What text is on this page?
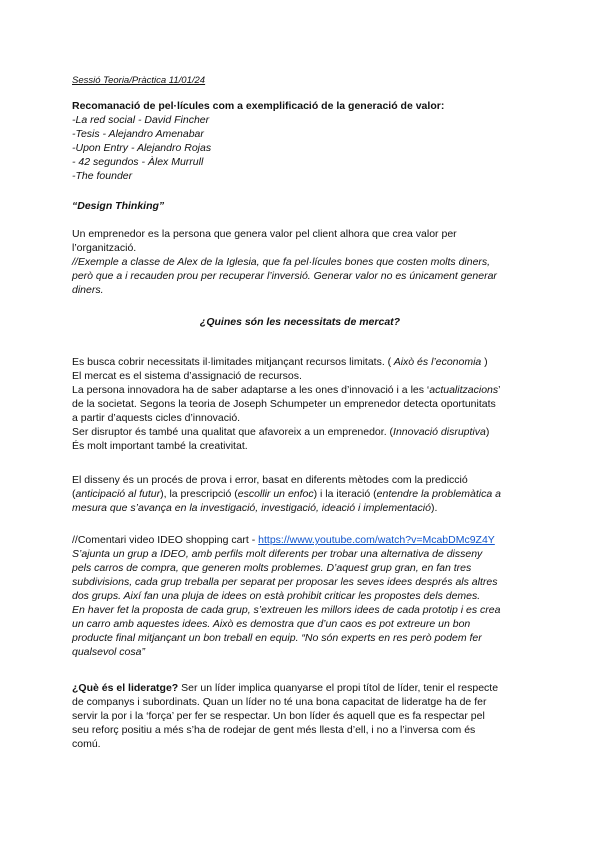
Sessió Teoria/Pràctica 11/01/24
Recomanació de pel·lícules com a exemplificació de la generació de valor:
-La red social - David Fincher
-Tesis - Alejandro Amenabar
-Upon Entry - Alejandro Rojas
- 42 segundos - Àlex Murrull
-The founder
“Design Thinking”
Un emprenedor es la persona que genera valor pel client alhora que crea valor per
l’organització.
//Exemple a classe de Alex de la Iglesia, que fa pel·lícules bones que costen molts diners,
però que a i recauden prou per recuperar l’inversió. Generar valor no es únicament generar
diners.
¿Quines són les necessitats de mercat?
Es busca cobrir necessitats il·limitades mitjançant recursos limitats. ( Això és l’economia )
El mercat es el sistema d’assignació de recursos.
La persona innovadora ha de saber adaptarse a les ones d’innovació i a les ‘actualitzacions’
de la societat. Segons la teoria de Joseph Schumpeter un emprenedor detecta oportunitats
a partir d’aquests cicles d’innovació.
Ser disruptor és també una qualitat que afavoreix a un emprenedor. (Innovació disruptiva)
És molt important també la creativitat.
El disseny és un procés de prova i error, basat en diferents mètodes com la predicció
(anticipació al futur), la prescripció (escollir un enfoc) i la iteració (entendre la problemàtica a
mesura que s’avança en la investigació, investigació, ideació i implementació).
//Comentari video IDEO shopping cart - https://www.youtube.com/watch?v=McabDMc9Z4Y
S’ajunta un grup a IDEO, amb perfils molt diferents per trobar una alternativa de disseny
pels carros de compra, que generen molts problemes. D’aquest grup gran, en fan tres
subdivisions, cada grup treballa per separat per proposar les seves idees després als altres
dos grups. Així fan una pluja de idees on està prohibit criticar les propostes dels demes.
En haver fet la proposta de cada grup, s’extreuen les millors idees de cada prototip i es crea
un carro amb aquestes idees. Això es demostra que d’un caos es pot extreure un bon
producte final mitjançant un bon treball en equip. “No són experts en res però podem fer
qualsevol cosa”
¿Què és el lideratge? Ser un líder implica quanyarse el propi títol de líder, tenir el respecte
de companys i subordinats. Quan un líder no té una bona capacitat de lideratge ha de fer
servir la por i la ‘força’ per fer se respectar. Un bon líder és aquell que es fa respectar pel
seu reforç positiu a més s’ha de rodejar de gent més llesta d’ell, i no a l’inversa com és
comú.
